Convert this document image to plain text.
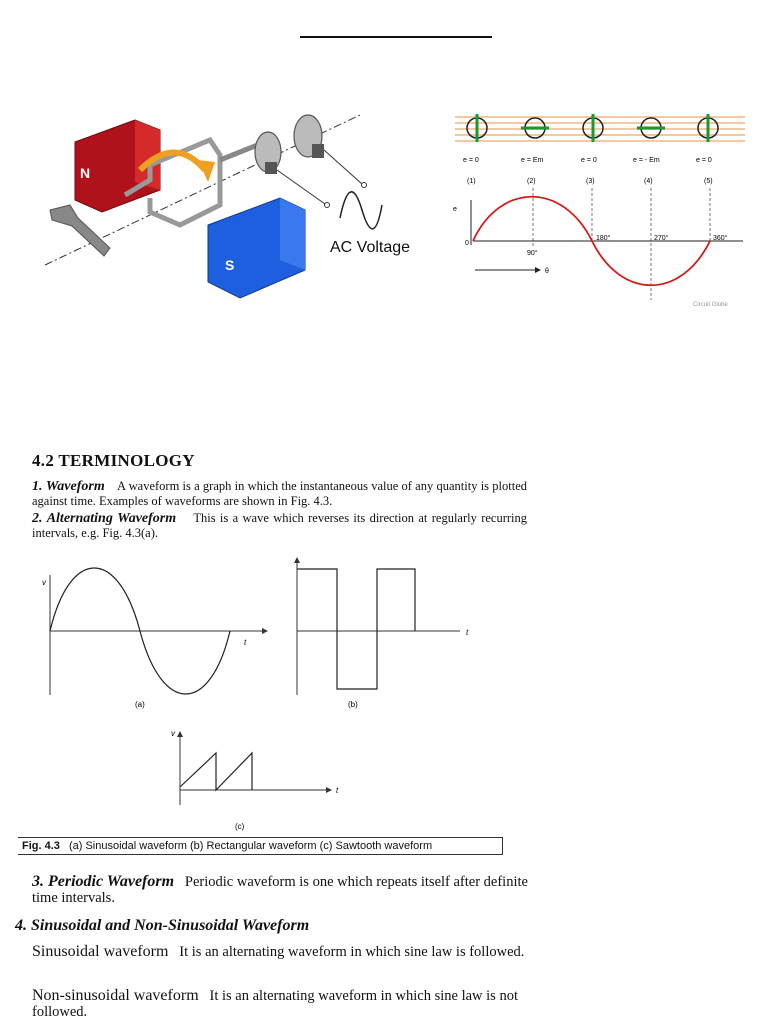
N
S
AC Voltage
e = 0	e = Em	e = 0	e = - Em	e = 0
(1)	(2)	(3)	(4)	(5)
e
0
90°
180°	270°	360°
θ
Circuit Globe
4.2 TERMINOLOGY
1. Waveform A waveform is a graph in which the instantaneous value of any quantity is plotted against time. Examples of waveforms are shown in Fig. 4.3.
2. Alternating Waveform This is a wave which reverses its direction at regularly recurring intervals, e.g. Fig. 4.3(a).
v
t
(a)
t
(b)
v
t
(c)
Fig. 4.3 (a) Sinusoidal waveform (b) Rectangular waveform (c) Sawtooth waveform
3. Periodic Waveform Periodic waveform is one which repeats itself after definite time intervals.
4. Sinusoidal and Non-Sinusoidal Waveform
Sinusoidal waveform It is an alternating waveform in which sine law is followed.
Non-sinusoidal waveform It is an alternating waveform in which sine law is not followed.
